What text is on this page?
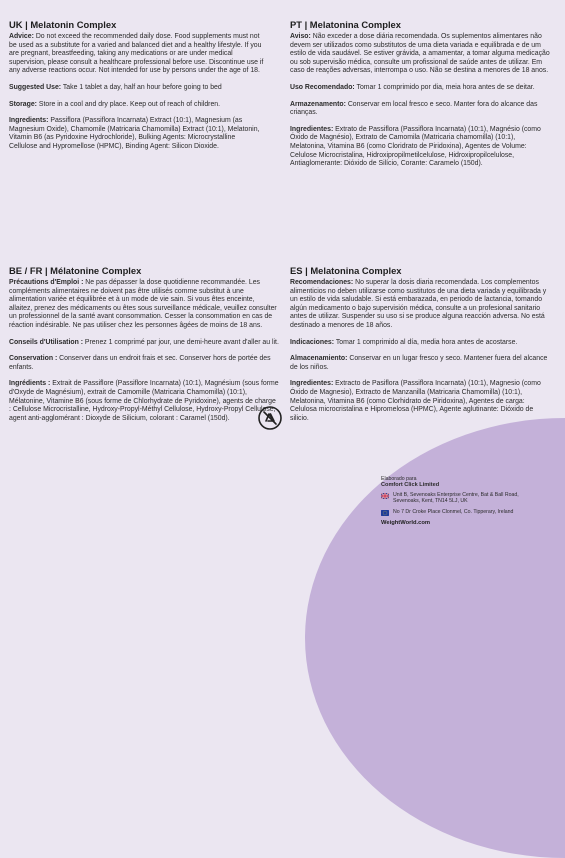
UK | Melatonin Complex

Advice: Do not exceed the recommended daily dose. Food supplements must not be used as a substitute for a varied and balanced diet and a healthy lifestyle. If you are pregnant, breastfeeding, taking any medications or are under medical supervision, please consult a healthcare professional before use. Discontinue use if any adverse reactions occur. Not intended for use by persons under the age of 18.

Suggested Use: Take 1 tablet a day, half an hour before going to bed

Storage: Store in a cool and dry place. Keep out of reach of children.

Ingredients: Passiflora (Passiflora Incarnata) Extract (10:1), Magnesium (as Magnesium Oxide), Chamomile (Matricaria Chamomilla) Extract (10:1), Melatonin, Vitamin B6 (as Pyridoxine Hydrochloride), Bulking Agents: Microcrystalline Cellulose and Hypromellose (HPMC), Binding Agent: Silicon Dioxide.

PT | Melatonina Complex

Aviso: Não exceder a dose diária recomendada. Os suplementos alimentares não devem ser utilizados como substitutos de uma dieta variada e equilibrada e de um estilo de vida saudável. Se estiver grávida, a amamentar, a tomar alguma medicação ou sob supervisão médica, consulte um profissional de saúde antes de utilizar. Em caso de reações adversas, interrompa o uso. Não se destina a menores de 18 anos.

Uso Recomendado: Tomar 1 comprimido por dia, meia hora antes de se deitar.

Armazenamento: Conservar em local fresco e seco. Manter fora do alcance das crianças.

Ingredientes: Extrato de Passiflora (Passiflora Incarnata) (10:1), Magnésio (como Óxido de Magnésio), Extrato de Camomila (Matricaria chamomilla) (10:1), Melatonina, Vitamina B6 (como Cloridrato de Piridoxina), Agentes de Volume: Celulose Microcristalina, Hidroxipropilmetilcelulose, Hidroxipropilcelulose, Antiaglomerante: Dióxido de Silício, Corante: Caramelo (150d).

BE / FR | Mélatonine Complex

Précautions d'Emploi : Ne pas dépasser la dose quotidienne recommandée. Les compléments alimentaires ne doivent pas être utilisés comme substitut à une alimentation variée et équilibrée et à un mode de vie sain. Si vous êtes enceinte, allaitez, prenez des médicaments ou êtes sous surveillance médicale, veuillez consulter un professionnel de la santé avant consommation. Cesser la consommation en cas de réaction indésirable. Ne pas utiliser chez les personnes âgées de moins de 18 ans.

Conseils d'Utilisation : Prenez 1 comprimé par jour, une demi-heure avant d'aller au lit.

Conservation : Conserver dans un endroit frais et sec. Conserver hors de portée des enfants.

Ingrédients : Extrait de Passiflore (Passiflore Incarnata) (10:1), Magnésium (sous forme d'Oxyde de Magnésium), extrait de Camomille (Matricaria Chamomilla) (10:1), Mélatonine, Vitamine B6 (sous forme de Chlorhydrate de Pyridoxine), agents de charge : Cellulose Microcristalline, Hydroxy-Propyl-Méthyl Cellulose, Hydroxy-Propyl Cellulose, agent anti-agglomérant : Dioxyde de Silicium, colorant : Caramel (150d).

ES | Melatonina Complex

Recomendaciones: No superar la dosis diaria recomendada. Los complementos alimenticios no deben utilizarse como sustitutos de una dieta variada y equilibrada y un estilo de vida saludable. Si está embarazada, en periodo de lactancia, tomando algún medicamento o bajo supervisión médica, consulte a un profesional sanitario antes de utilizar. Suspender su uso si se produce alguna reacción adversa. No está destinado a menores de 18 años.

Indicaciones: Tomar 1 comprimido al día, media hora antes de acostarse.

Almacenamiento: Conservar en un lugar fresco y seco. Mantener fuera del alcance de los niños.

Ingredientes: Extracto de Pasiflora (Passiflora Incarnata) (10:1), Magnesio (como Óxido de Magnesio), Extracto de Manzanilla (Matricaria Chamomilla) (10:1), Melatonina, Vitamina B6 (como Clorhidrato de Piridoxina), Agentes de carga: Celulosa microcristalina e Hipromelosa (HPMC), Agente aglutinante: Dióxido de silicio.

Elaborado para
Comfort Click Limited
Unit B, Sevenoaks Enterprise Centre, Bat & Ball Road, Sevenoaks, Kent, TN14 5LJ, UK
No 7 Dr Croke Place Clonmel, Co. Tipperary, Ireland
WeightWorld.com
